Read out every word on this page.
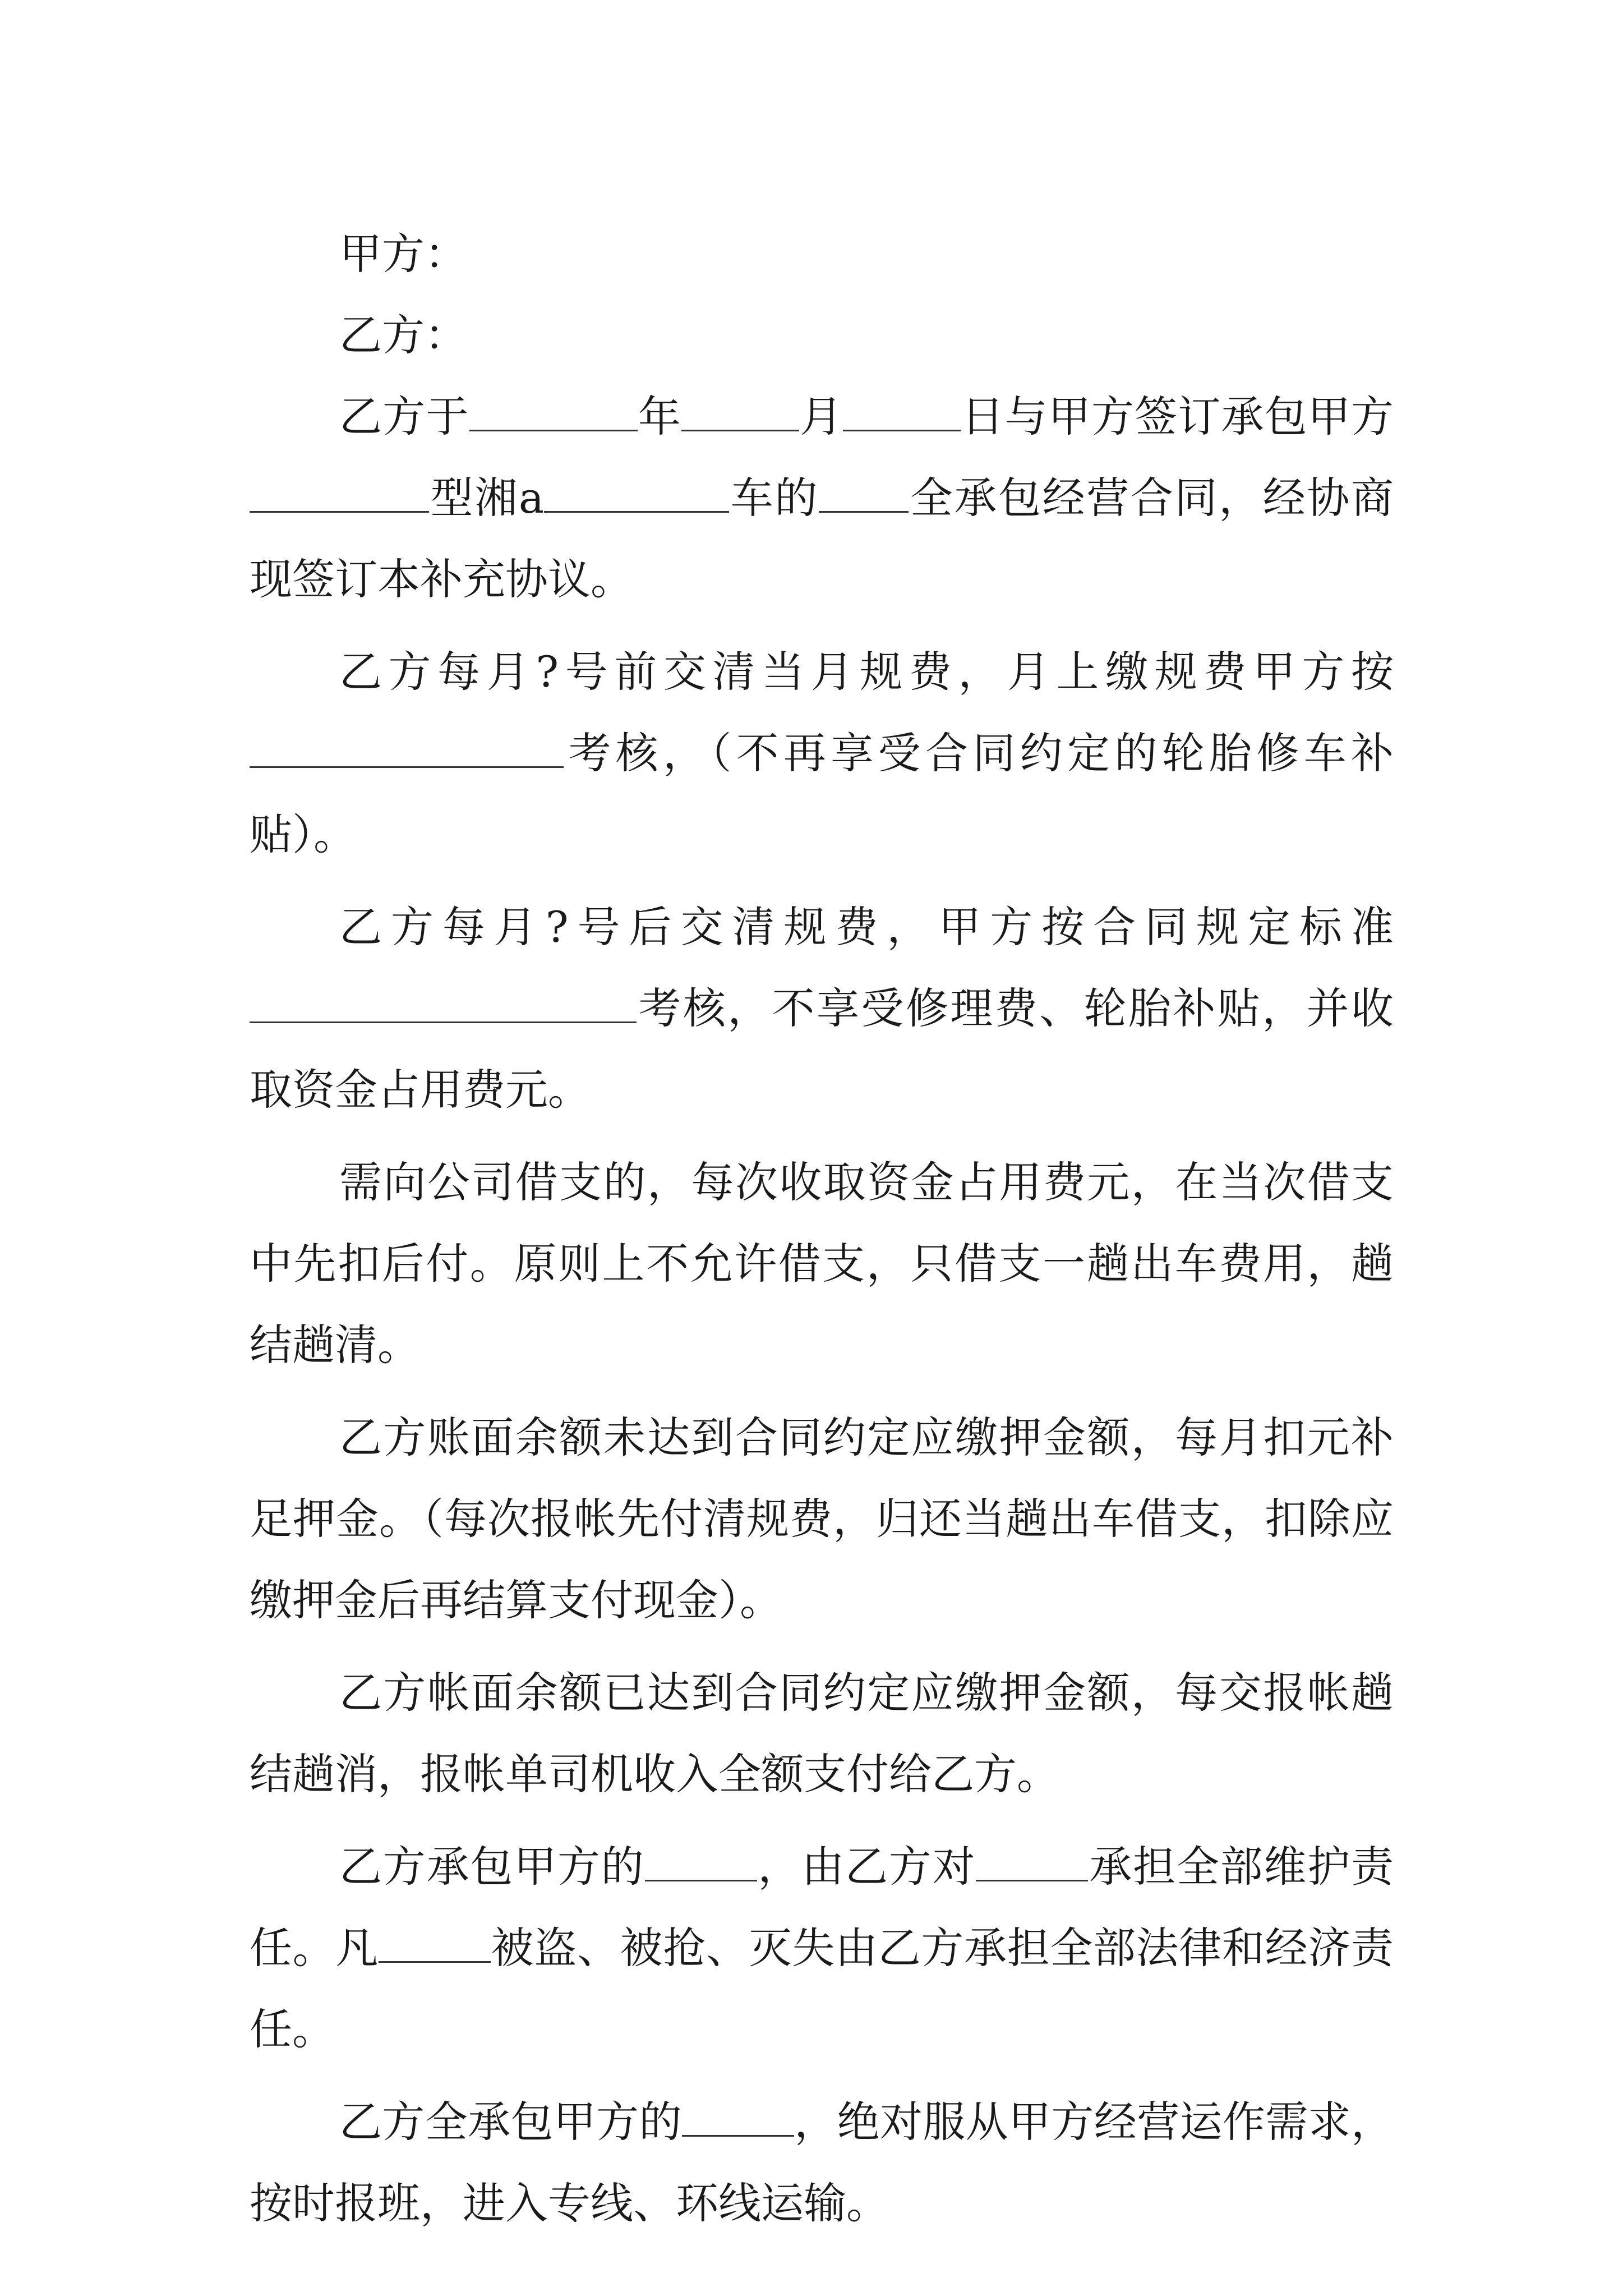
甲方：
乙方：

乙方于	年	月	日与甲方签订承包甲方型湘a	车的 全承包经营合同，经协商现签订本补充协议。

乙方每月?号前交清当月规费，月上缴规费甲方按考核，（不再享受合同约定的轮胎修车补贴）。

乙方每月?号后交清规费，甲方按合同规定标准考核，不享受修理费、轮胎补贴，并收取资金占用费元。

需向公司借支的，每次收取资金占用费元，在当次借支中先扣后付。原则上不允许借支，只借支一趟出车费用，趟结趟清。

乙方账面余额未达到合同约定应缴押金额，每月扣元补足押金。（每次报帐先付清规费，归还当趟出车借支，扣除应缴押金后再结算支付现金）。

乙方帐面余额已达到合同约定应缴押金额，每交报帐趟结趟消，报帐单司机收入全额支付给乙方。

乙方承包甲方的	，由乙方对	承担全部维护责任。凡	被盗、被抢、灭失由乙方承担全部法律和经济责任。

乙方全承包甲方的	，绝对服从甲方经营运作需求，按时报班，进入专线、环线运输。
